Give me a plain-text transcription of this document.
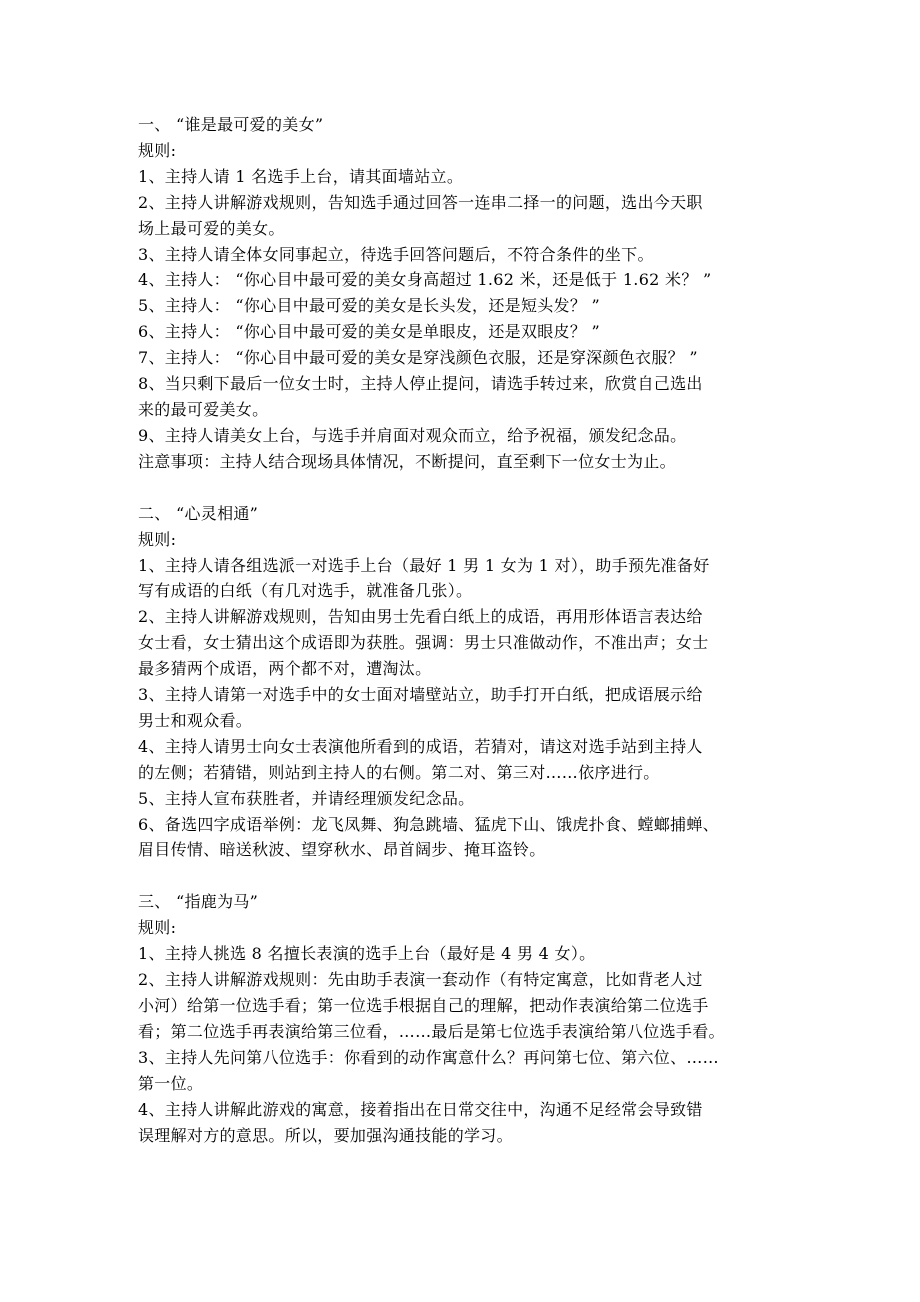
一、 “谁是最可爱的美女”
规则:
1、主持人请 1 名选手上台，请其面墙站立。
2、主持人讲解游戏规则，告知选手通过回答一连串二择一的问题，选出今天职
场上最可爱的美女。
3、主持人请全体女同事起立，待选手回答问题后，不符合条件的坐下。
4、主持人： “你心目中最可爱的美女身高超过 1.62 米，还是低于 1.62 米？ ”
5、主持人： “你心目中最可爱的美女是长头发，还是短头发？ ”
6、主持人： “你心目中最可爱的美女是单眼皮，还是双眼皮？ ”
7、主持人： “你心目中最可爱的美女是穿浅颜色衣服，还是穿深颜色衣服？ ”
8、当只剩下最后一位女士时，主持人停止提问，请选手转过来，欣赏自己选出
来的最可爱美女。
9、主持人请美女上台，与选手并肩面对观众而立，给予祝福，颁发纪念品。
注意事项：主持人结合现场具体情况，不断提问，直至剩下一位女士为止。
二、 “心灵相通”
规则:
1、主持人请各组选派一对选手上台（最好 1 男 1 女为 1 对），助手预先准备好
写有成语的白纸（有几对选手，就准备几张）。
2、主持人讲解游戏规则，告知由男士先看白纸上的成语，再用形体语言表达给
女士看，女士猜出这个成语即为获胜。强调：男士只准做动作，不准出声；女士
最多猜两个成语，两个都不对，遭淘汰。
3、主持人请第一对选手中的女士面对墙壁站立，助手打开白纸，把成语展示给
男士和观众看。
4、主持人请男士向女士表演他所看到的成语，若猜对，请这对选手站到主持人
的左侧；若猜错，则站到主持人的右侧。第二对、第三对……依序进行。
5、主持人宣布获胜者，并请经理颁发纪念品。
6、备选四字成语举例：龙飞凤舞、狗急跳墙、猛虎下山、饿虎扑食、螳螂捕蝉、
眉目传情、暗送秋波、望穿秋水、昂首阔步、掩耳盗铃。
三、 “指鹿为马”
规则:
1、主持人挑选 8 名擅长表演的选手上台（最好是 4 男 4 女）。
2、主持人讲解游戏规则：先由助手表演一套动作（有特定寓意，比如背老人过
小河）给第一位选手看；第一位选手根据自己的理解，把动作表演给第二位选手
看；第二位选手再表演给第三位看，……最后是第七位选手表演给第八位选手看。
3、主持人先问第八位选手：你看到的动作寓意什么？再问第七位、第六位、……
第一位。
4、主持人讲解此游戏的寓意，接着指出在日常交往中，沟通不足经常会导致错
误理解对方的意思。所以，要加强沟通技能的学习。
